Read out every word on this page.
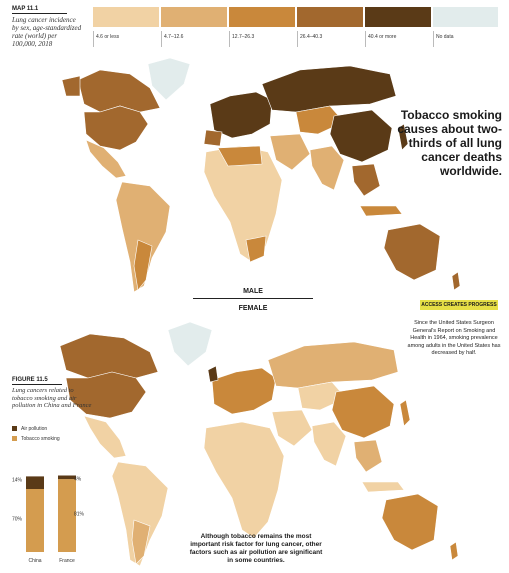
MAP 11.1
Lung cancer incidence by sex, age-standardized rate (world) per 100,000, 2018
4.6 or less	4.7–12.6	12.7–26.3	26.4–40.3	40.4 or more	No data
70%
14%
China
81%
4%
France
Tobacco smoking causes about two-thirds of all lung cancer deaths worldwide.
MALE
FEMALE	ACCESS CREATES PROGRESS
Since the United States Surgeon General's Report on Smoking and Health in 1964, smoking prevalence among adults in the United States has decreased by half.
FIGURE 11.5
Lung cancers related to tobacco smoking and air pollution in China and France
Air pollution
Tobacco smoking
Although tobacco remains the most important risk factor for lung cancer, other factors such as air pollution are significant in some countries.
